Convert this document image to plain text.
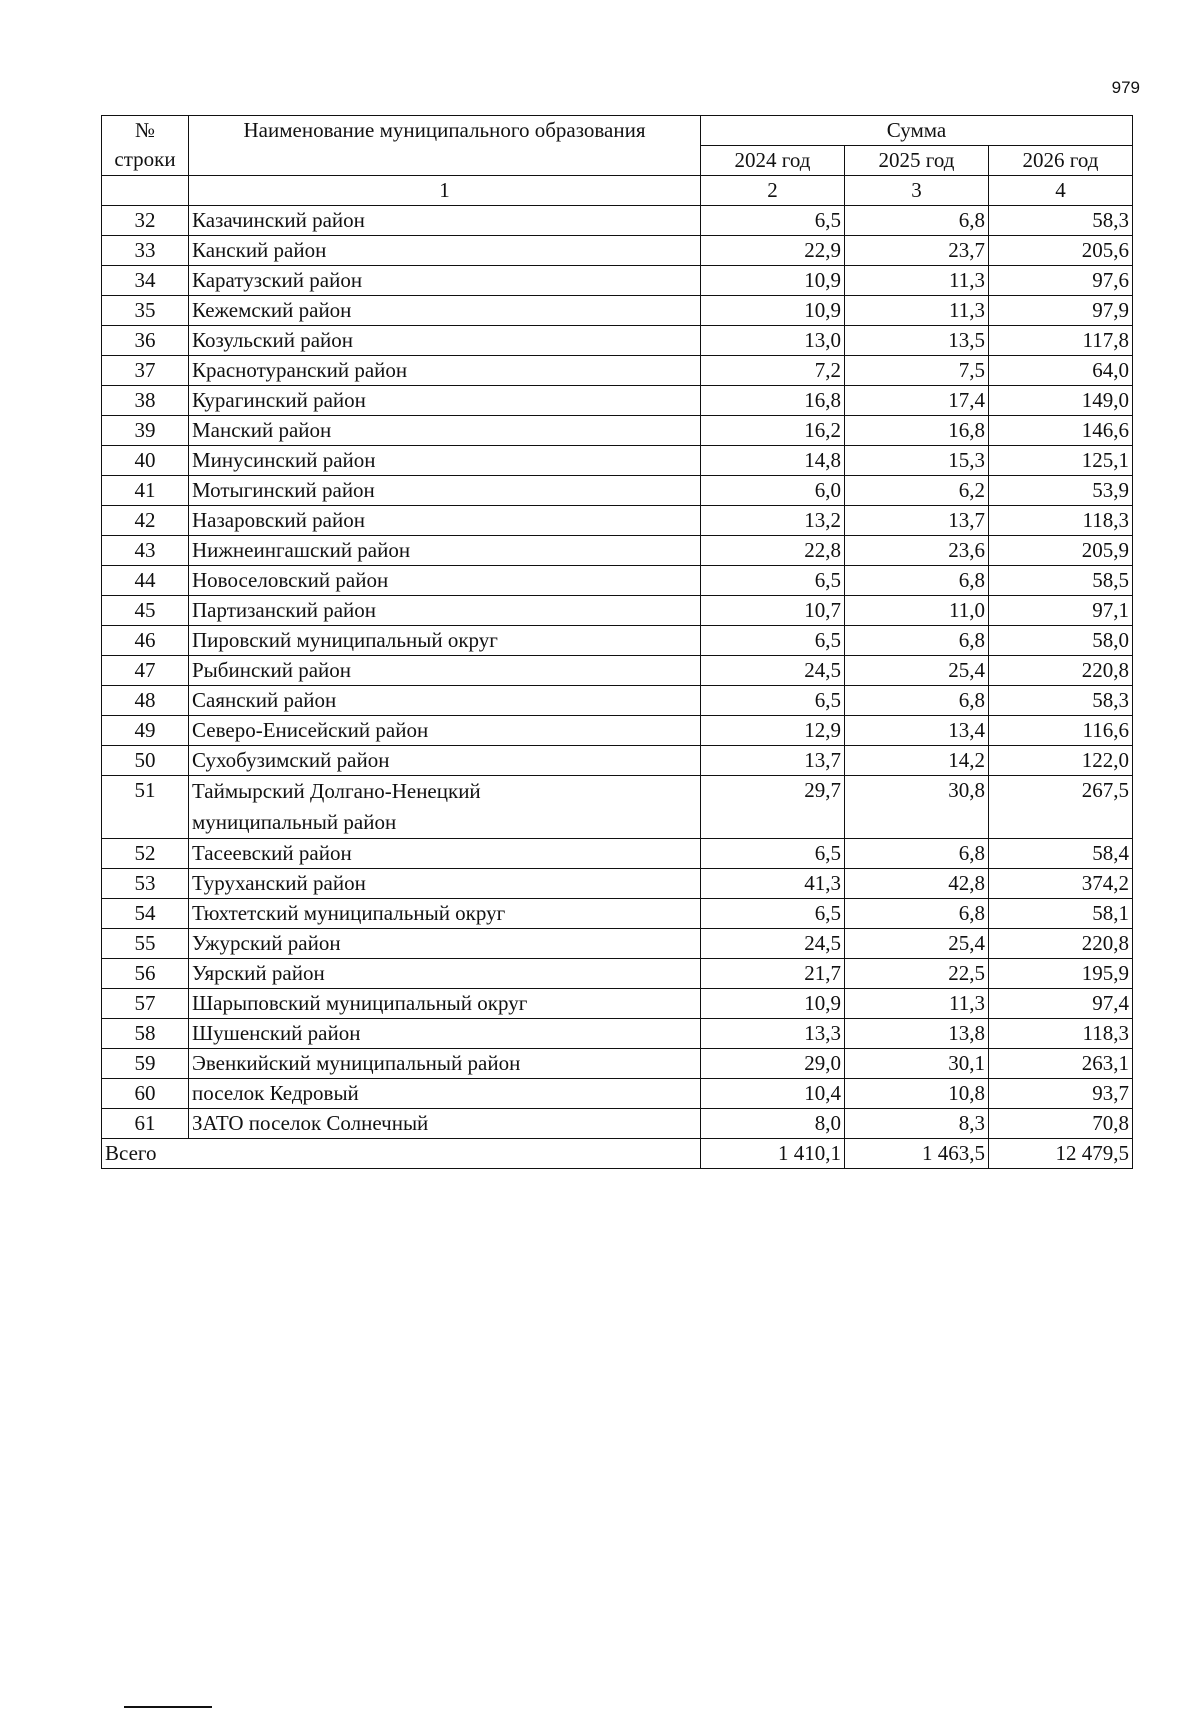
979
№
строки	Наименование муниципального образования	Сумма		
		2024 год	2025 год	2026 год
	1	2	3	4
32	Казачинский район	6,5	6,8	58,3
33	Канский район	22,9	23,7	205,6
34	Каратузский район	10,9	11,3	97,6
35	Кежемский район	10,9	11,3	97,9
36	Козульский район	13,0	13,5	117,8
37	Краснотуранский район	7,2	7,5	64,0
38	Курагинский район	16,8	17,4	149,0
39	Манский район	16,2	16,8	146,6
40	Минусинский район	14,8	15,3	125,1
41	Мотыгинский район	6,0	6,2	53,9
42	Назаровский район	13,2	13,7	118,3
43	Нижнеингашский район	22,8	23,6	205,9
44	Новоселовский район	6,5	6,8	58,5
45	Партизанский район	10,7	11,0	97,1
46	Пировский муниципальный округ	6,5	6,8	58,0
47	Рыбинский район	24,5	25,4	220,8
48	Саянский район	6,5	6,8	58,3
49	Северо-Енисейский район	12,9	13,4	116,6
50	Сухобузимский район	13,7	14,2	122,0
51	Таймырский Долгано-Ненецкий
муниципальный район	29,7	30,8	267,5
52	Тасеевский район	6,5	6,8	58,4
53	Туруханский район	41,3	42,8	374,2
54	Тюхтетский муниципальный округ	6,5	6,8	58,1
55	Ужурский район	24,5	25,4	220,8
56	Уярский район	21,7	22,5	195,9
57	Шарыповский муниципальный округ	10,9	11,3	97,4
58	Шушенский район	13,3	13,8	118,3
59	Эвенкийский муниципальный район	29,0	30,1	263,1
60	поселок Кедровый	10,4	10,8	93,7
61	ЗАТО поселок Солнечный	8,0	8,3	70,8
Всего		1 410,1	1 463,5	12 479,5
